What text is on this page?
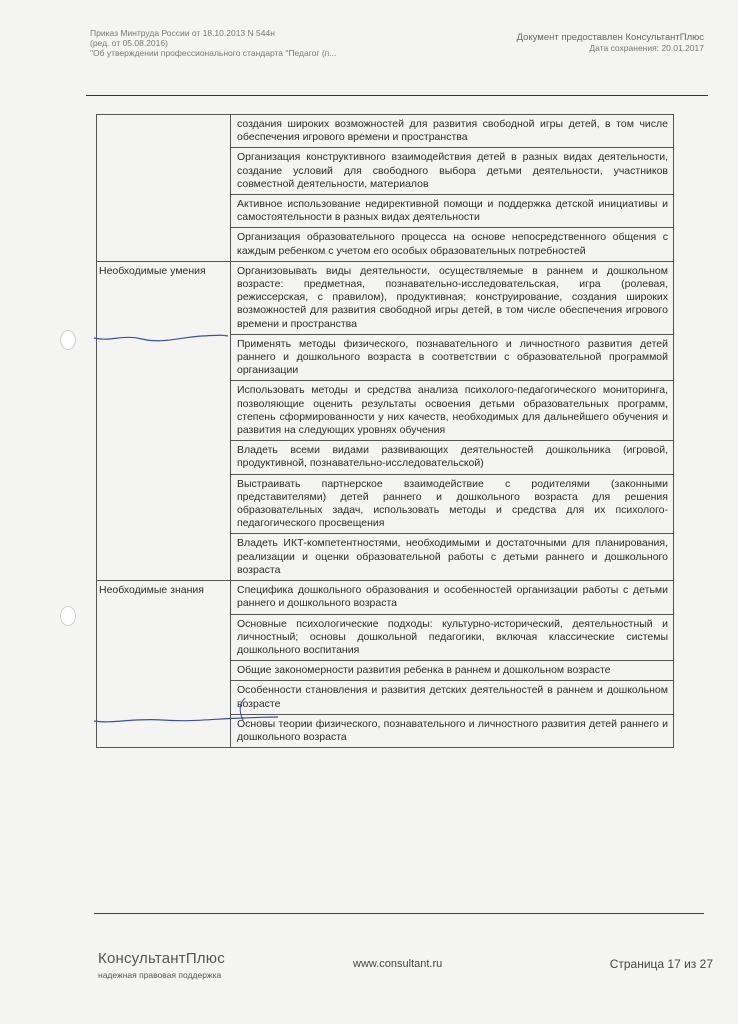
Приказ Минтруда России от 18.10.2013 N 544н
(ред. от 05.08.2016)
"Об утверждении профессионального стандарта "Педагог (п...
Документ предоставлен КонсультантПлюс
Дата сохранения: 20.01.2017
	создания широких возможностей для развития свободной игры детей, в том числе обеспечения игрового времени и пространства
	Организация конструктивного взаимодействия детей в разных видах деятельности, создание условий для свободного выбора детьми деятельности, участников совместной деятельности, материалов
	Активное использование недирективной помощи и поддержка детской инициативы и самостоятельности в разных видах деятельности
	Организация образовательного процесса на основе непосредственного общения с каждым ребенком с учетом его особых образовательных потребностей
Необходимые умения	Организовывать виды деятельности, осуществляемые в раннем и дошкольном возрасте: предметная, познавательно-исследовательская, игра (ролевая, режиссерская, с правилом), продуктивная; конструирование, создания широких возможностей для развития свободной игры детей, в том числе обеспечения игрового времени и пространства
	Применять методы физического, познавательного и личностного развития детей раннего и дошкольного возраста в соответствии с образовательной программой организации
	Использовать методы и средства анализа психолого-педагогического мониторинга, позволяющие оценить результаты освоения детьми образовательных программ, степень сформированности у них качеств, необходимых для дальнейшего обучения и развития на следующих уровнях обучения
	Владеть всеми видами развивающих деятельностей дошкольника (игровой, продуктивной, познавательно-исследовательской)
	Выстраивать партнерское взаимодействие с родителями (законными представителями) детей раннего и дошкольного возраста для решения образовательных задач, использовать методы и средства для их психолого-педагогического просвещения
	Владеть ИКТ-компетентностями, необходимыми и достаточными для планирования, реализации и оценки образовательной работы с детьми раннего и дошкольного возраста
Необходимые знания	Специфика дошкольного образования и особенностей организации работы с детьми раннего и дошкольного возраста
	Основные психологические подходы: культурно-исторический, деятельностный и личностный; основы дошкольной педагогики, включая классические системы дошкольного воспитания
	Общие закономерности развития ребенка в раннем и дошкольном возрасте
	Особенности становления и развития детских деятельностей в раннем и дошкольном возрасте
	Основы теории физического, познавательного и личностного развития детей раннего и дошкольного возраста
КонсультантПлюс
надежная правовая поддержка
www.consultant.ru	Страница 17 из 27
